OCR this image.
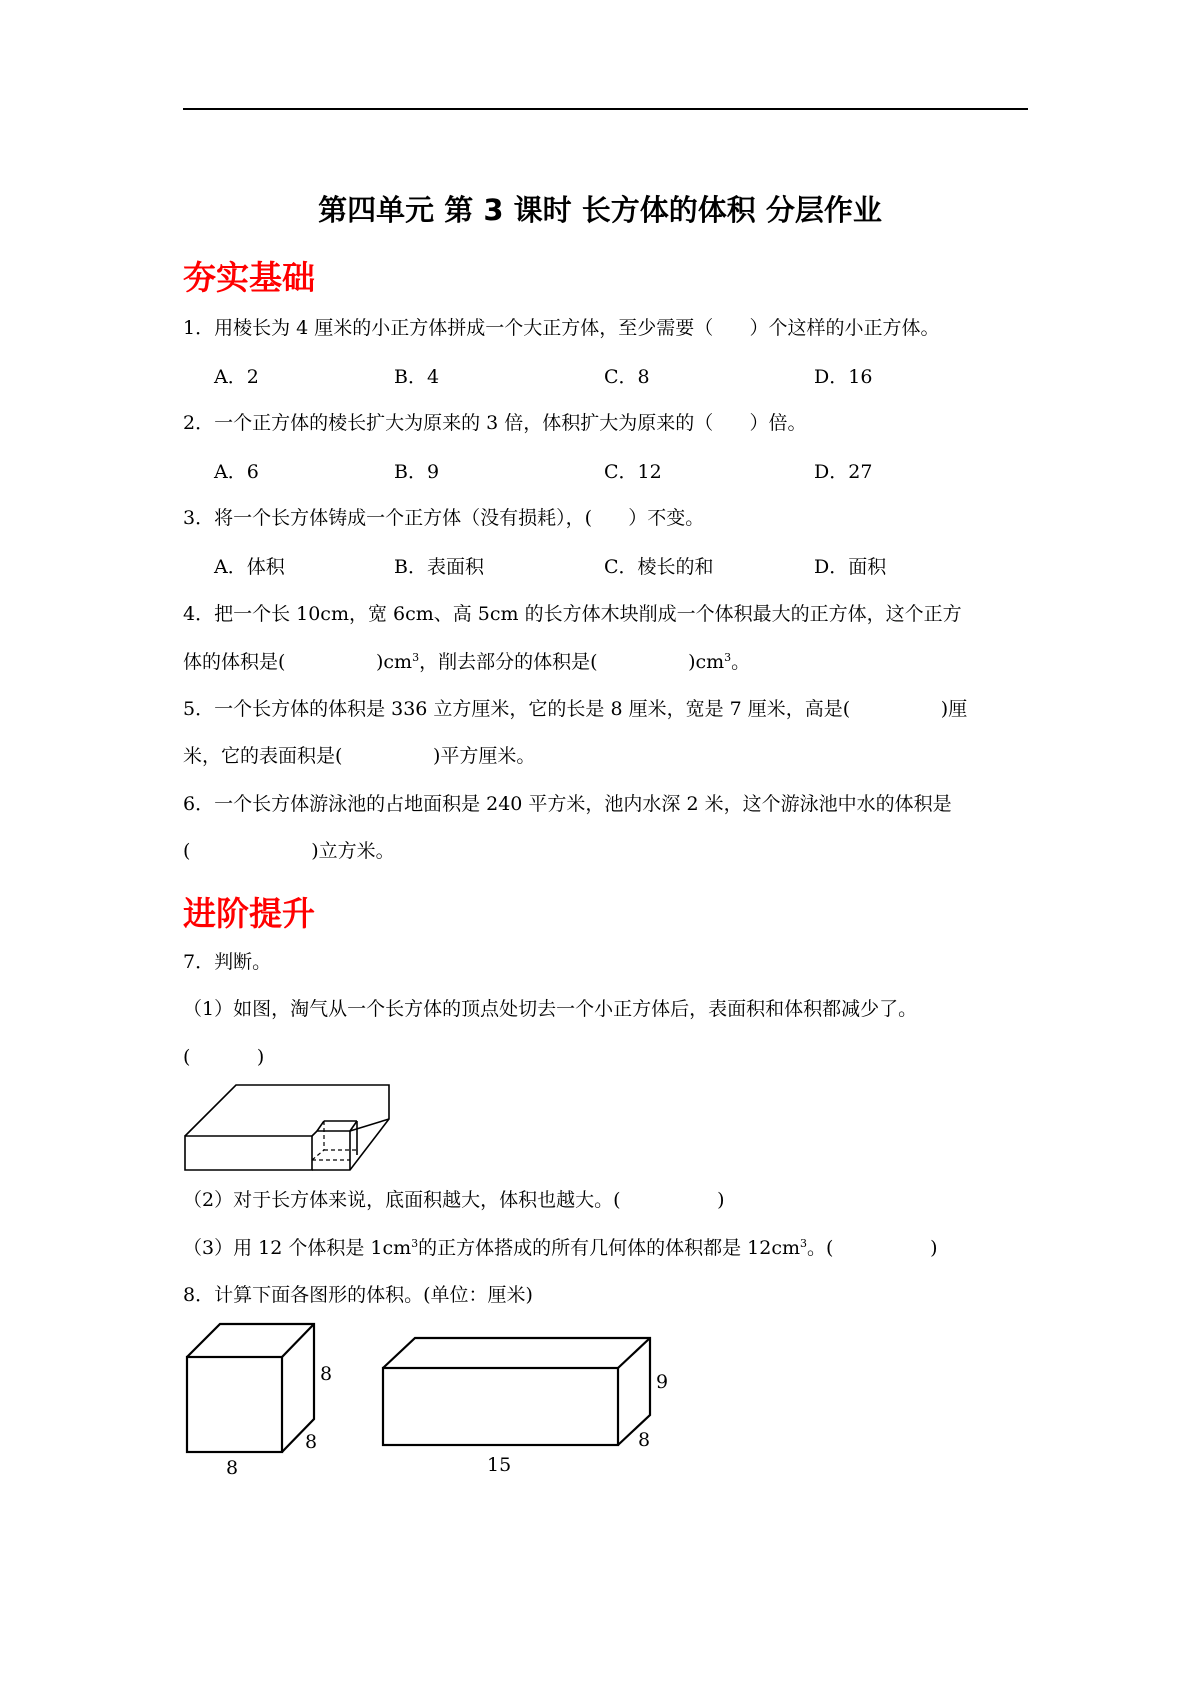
第四单元 第 3 课时 长方体的体积 分层作业
夯实基础
1．用棱长为 4 厘米的小正方体拼成一个大正方体，至少需要（      ）个这样的小正方体。
A．2	B．4	C．8	D．16
2．一个正方体的棱长扩大为原来的 3 倍，体积扩大为原来的（      ）倍。
A．6	B．9	C．12	D．27
3．将一个长方体铸成一个正方体（没有损耗），(      ）不变。
A．体积	B．表面积	C．棱长的和	D．面积
4．把一个长 10cm，宽 6cm、高 5cm 的长方体木块削成一个体积最大的正方体，这个正方
体的体积是(               )$cm^3$，削去部分的体积是(               )$cm^3$。
5．一个长方体的体积是 336 立方厘米，它的长是 8 厘米，宽是 7 厘米，高是(               )厘
米，它的表面积是(               )平方厘米。
6．一个长方体游泳池的占地面积是 240 平方米，池内水深 2 米，这个游泳池中水的体积是
(                    )立方米。
进阶提升
7．判断。
（1）如图，淘气从一个长方体的顶点处切去一个小正方体后，表面积和体积都减少了。
(           )
（2）对于长方体来说，底面积越大，体积也越大。(                )
（3）用 12 个体积是 $1cm^3$的正方体搭成的所有几何体的体积都是 $12cm^3$。(                )
8．计算下面各图形的体积。(单位：厘米)
8
8
8
9
8
15
